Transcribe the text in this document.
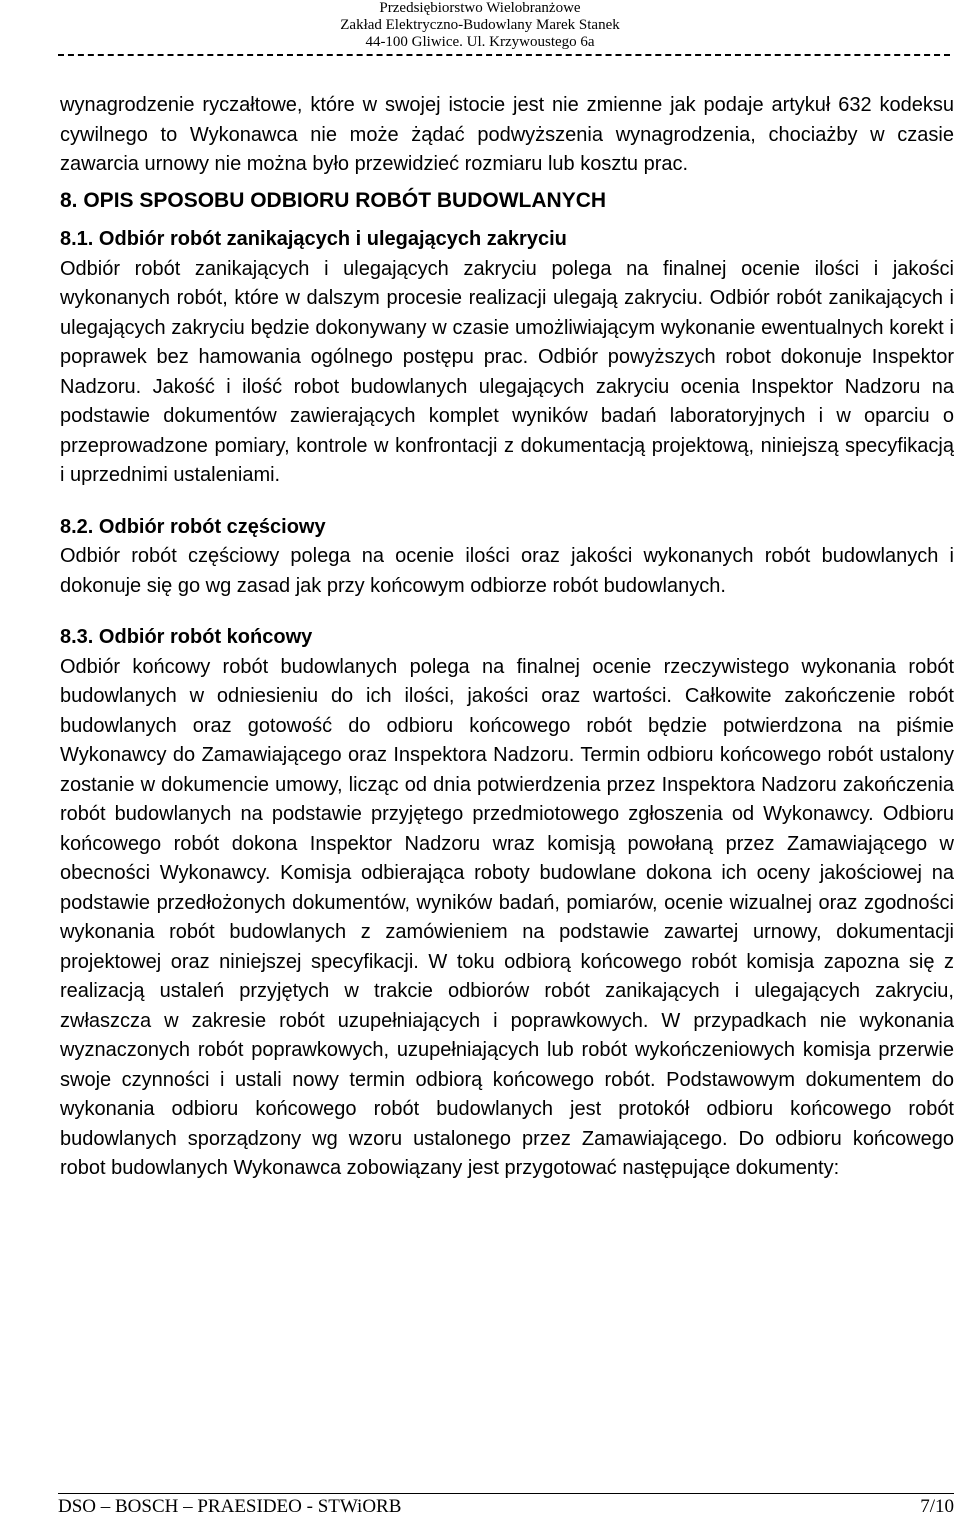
Przedsiębiorstwo Wielobranżowe
Zakład Elektryczno-Budowlany Marek Stanek
44-100 Gliwice. Ul. Krzywoustego 6a

wynagrodzenie ryczałtowe, które w swojej istocie jest nie zmienne jak podaje artykuł 632 kodeksu cywilnego to Wykonawca nie może żądać podwyższenia wynagrodzenia, chociażby w czasie zawarcia urnowy nie można było przewidzieć rozmiaru lub kosztu prac.

8. OPIS SPOSOBU ODBIORU ROBÓT BUDOWLANYCH

8.1. Odbiór robót zanikających i ulegających zakryciu

Odbiór robót zanikających i ulegających zakryciu polega na finalnej ocenie ilości i jakości wykonanych robót, które w dalszym procesie realizacji ulegają zakryciu. Odbiór robót zanikających i ulegających zakryciu będzie dokonywany w czasie umożliwiającym wykonanie ewentualnych korekt i poprawek bez hamowania ogólnego postępu prac. Odbiór powyższych robot dokonuje Inspektor Nadzoru. Jakość i ilość robot budowlanych ulegających zakryciu ocenia Inspektor Nadzoru na podstawie dokumentów zawierających komplet wyników badań laboratoryjnych i w oparciu o przeprowadzone pomiary, kontrole w konfrontacji z dokumentacją projektową, niniejszą specyfikacją i uprzednimi ustaleniami.

8.2. Odbiór robót częściowy

Odbiór robót częściowy polega na ocenie ilości oraz jakości wykonanych robót budowlanych i dokonuje się go wg zasad jak przy końcowym odbiorze robót budowlanych.

8.3. Odbiór robót końcowy

Odbiór końcowy robót budowlanych polega na finalnej ocenie rzeczywistego wykonania robót budowlanych w odniesieniu do ich ilości, jakości oraz wartości. Całkowite zakończenie robót budowlanych oraz gotowość do odbioru końcowego robót będzie potwierdzona na piśmie Wykonawcy do Zamawiającego oraz Inspektora Nadzoru. Termin odbioru końcowego robót ustalony zostanie w dokumencie umowy, licząc od dnia potwierdzenia przez Inspektora Nadzoru zakończenia robót budowlanych na podstawie przyjętego przedmiotowego zgłoszenia od Wykonawcy. Odbioru końcowego robót dokona Inspektor Nadzoru wraz komisją powołaną przez Zamawiającego w obecności Wykonawcy. Komisja odbierająca roboty budowlane dokona ich oceny jakościowej na podstawie przedłożonych dokumentów, wyników badań, pomiarów, ocenie wizualnej oraz zgodności wykonania robót budowlanych z zamówieniem na podstawie zawartej urnowy, dokumentacji projektowej oraz niniejszej specyfikacji. W toku odbiorą końcowego robót komisja zapozna się z realizacją ustaleń przyjętych w trakcie odbiorów robót zanikających i ulegających zakryciu, zwłaszcza w zakresie robót uzupełniających i poprawkowych. W przypadkach nie wykonania wyznaczonych robót poprawkowych, uzupełniających lub robót wykończeniowych komisja przerwie swoje czynności i ustali nowy termin odbiorą końcowego robót. Podstawowym dokumentem do wykonania odbioru końcowego robót budowlanych jest protokół odbioru końcowego robót budowlanych sporządzony wg wzoru ustalonego przez Zamawiającego. Do odbioru końcowego robot budowlanych Wykonawca zobowiązany jest przygotować następujące dokumenty:

DSO – BOSCH – PRAESIDEO - STWiORB	7/10
